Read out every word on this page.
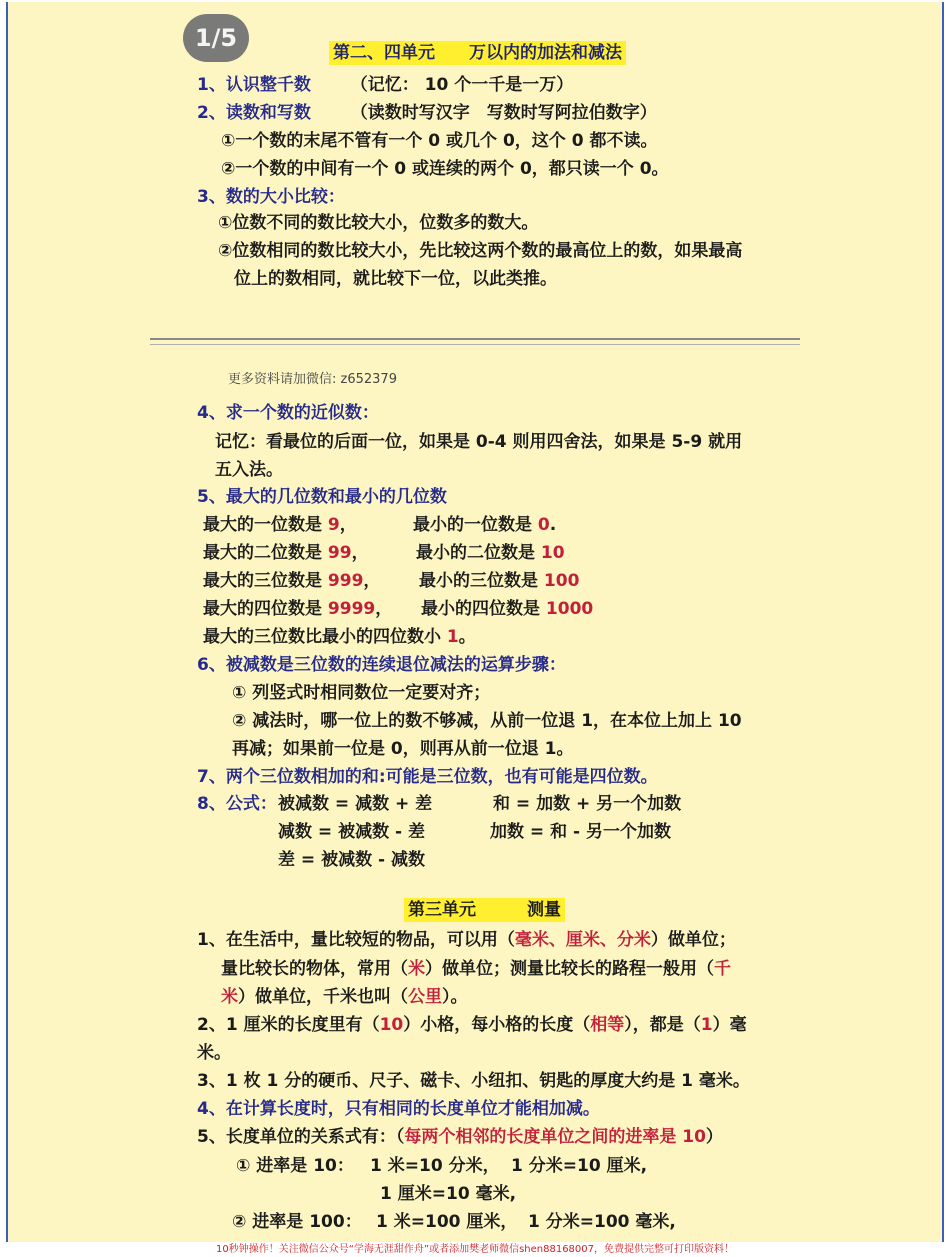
1/5
第二、四单元　　万以内的加法和减法
1、认识整千数 （记忆： 10 个一千是一万）
2、读数和写数 （读数时写汉字　写数时写阿拉伯数字）
①一个数的末尾不管有一个 0 或几个 0，这个 0 都不读。
②一个数的中间有一个 0 或连续的两个 0，都只读一个 0。
3、数的大小比较：
①位数不同的数比较大小，位数多的数大。
②位数相同的数比较大小，先比较这两个数的最高位上的数，如果最高
位上的数相同，就比较下一位，以此类推。
更多资料请加微信: z652379
4、求一个数的近似数：
记忆：看最位的后面一位，如果是 0-4 则用四舍法，如果是 5-9 就用
五入法。
5、最大的几位数和最小的几位数
最大的一位数是 9，	最小的一位数是 0.
最大的二位数是 99，	最小的二位数是 10
最大的三位数是 999， 最小的三位数是 100
最大的四位数是 9999， 最小的四位数是 1000
最大的三位数比最小的四位数小 1。
6、被减数是三位数的连续退位减法的运算步骤：
① 列竖式时相同数位一定要对齐；
② 减法时，哪一位上的数不够减，从前一位退 1，在本位上加上 10
再减；如果前一位是 0，则再从前一位退 1。
7、两个三位数相加的和:可能是三位数，也有可能是四位数。
8、公式： 被减数 = 减数 + 差	和 = 加数 + 另一个加数
减数 = 被减数 - 差	加数 = 和 - 另一个加数
差 = 被减数 - 减数
第三单元　　　测量
1、在生活中，量比较短的物品，可以用（毫米、厘米、分米）做单位；
量比较长的物体，常用（米）做单位；测量比较长的路程一般用（千
米）做单位，千米也叫（公里）。
2、1 厘米的长度里有（10）小格，每小格的长度（相等），都是（1）毫
米。
3、1 枚 1 分的硬币、尺子、磁卡、小纽扣、钥匙的厚度大约是 1 毫米。
4、在计算长度时，只有相同的长度单位才能相加减。
5、长度单位的关系式有：（每两个相邻的长度单位之间的进率是 10）
① 进率是 10： 1 米=10 分米， 1 分米=10 厘米,
1 厘米=10 毫米,
② 进率是 100： 1 米=100 厘米， 1 分米=100 毫米,
10秒钟操作！关注微信公众号“学海无涯甜作舟”或者添加樊老师微信shen88168007，免费提供完整可打印版资料！
